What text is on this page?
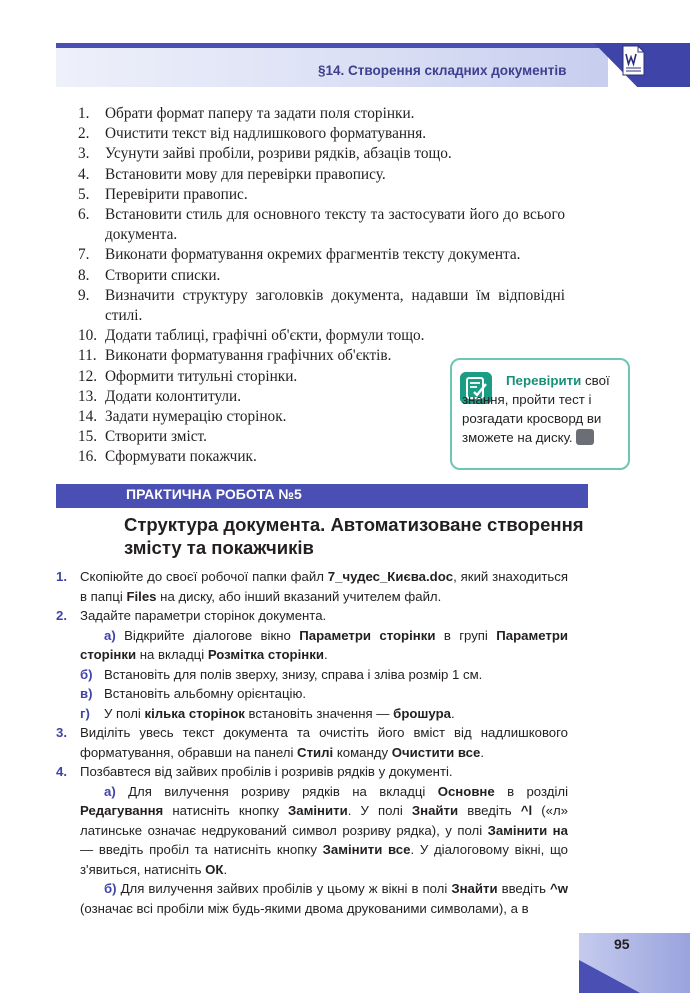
§14. Створення складних документів
1. Обрати формат паперу та задати поля сторінки.
2. Очистити текст від надлишкового форматування.
3. Усунути зайві пробіли, розриви рядків, абзаців тощо.
4. Встановити мову для перевірки правопису.
5. Перевірити правопис.
6. Встановити стиль для основного тексту та застосувати його до всього документа.
7. Виконати форматування окремих фрагментів тексту документа.
8. Створити списки.
9. Визначити структуру заголовків документа, надавши їм відповідні стилі.
10. Додати таблиці, графічні об'єкти, формули тощо.
11. Виконати форматування графічних об'єктів.
12. Оформити титульні сторінки.
13. Додати колонтитули.
14. Задати нумерацію сторінок.
15. Створити зміст.
16. Сформувати покажчик.
Перевірити свої знання, пройти тест і розгадати кросворд ви зможете на диску.
ПРАКТИЧНА РОБОТА №5
Структура документа. Автоматизоване створення змісту та покажчиків
1. Скопіюйте до своєї робочої папки файл 7_чудес_Києва.doc, який знаходиться в папці Files на диску, або інший вказаний учителем файл.
2. Задайте параметри сторінок документа.
а) Відкрийте діалогове вікно Параметри сторінки в групі Параметри сторінки на вкладці Розмітка сторінки.
б) Встановіть для полів зверху, знизу, справа і зліва розмір 1 см.
в) Встановіть альбомну орієнтацію.
г) У полі кілька сторінок встановіть значення — брошура.
3. Виділіть увесь текст документа та очистіть його вміст від надлишкового форматування, обравши на панелі Стилі команду Очистити все.
4. Позбавтеся від зайвих пробілів і розривів рядків у документі.
а) Для вилучення розриву рядків на вкладці Основне в розділі Редагування натисніть кнопку Замінити. У полі Знайти введіть ^l («л» латинське означає недрукований символ розриву рядка), у полі Замінити на — введіть пробіл та натисніть кнопку Замінити все. У діалоговому вікні, що з'явиться, натисніть ОК.
б) Для вилучення зайвих пробілів у цьому ж вікні в полі Знайти введіть ^w (означає всі пробіли між будь-якими двома друкованими символами), а в
95
